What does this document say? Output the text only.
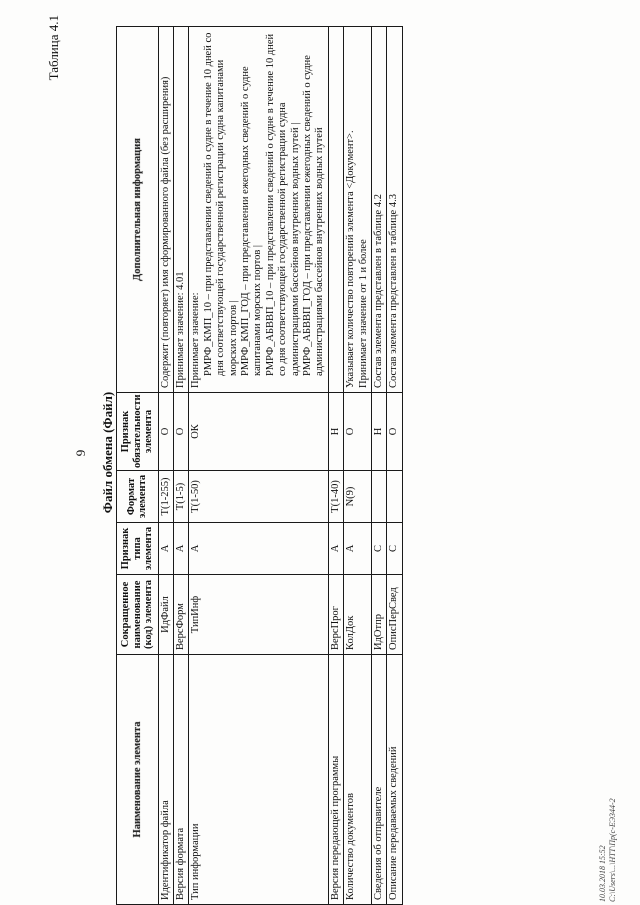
9
Таблица 4.1
Файл обмена (Файл)
Наименование элемента	Сокращенное наименование (код) элемента	Признак типа элемента	Формат элемента	Признак обязательности элемента	Дополнительная информация
Идентификатор файла	ИдФайл	А	T(1-255)	О	Содержит (повторяет) имя сформированного файла (без расширения)

Версия формата	ВерсФорм	А	T(1-5)	О	Принимает значение: 4.01

Тип информации	ТипИнф	А	T(1-50)	ОК	Принимает значение: РМРФ_КМП_10 – при представлении сведений о судне в течение 10 дней со дня соответствующей государственной регистрации судна капитанами морских портов | РМРФ_КМП_ГОД – при представлении ежегодных сведений о судне капитанами морских портов | РМРФ_АБВВП_10 – при представлении сведений о судне в течение 10 дней со дня соответствующей государственной регистрации судна администрациями бассейнов внутренних водных путей | РМРФ_АБВВП_ГОД – при представлении ежегодных сведений о судне администрациями бассейнов внутренних водных путей

Версия передающей программы	ВерсПрог	А	T(1-40)	Н	
Количество документов	КолДок	А	N(9)	О	Указывает количество повторений элемента <Документ>. Принимает значение от 1 и более

Сведения об отправителе	ИдОтпр	С		Н	Состав элемента представлен в таблице 4.2

Описание передаваемых сведений	ОписПерСвед	С		О	Состав элемента представлен в таблице 4.3

10.03.2018 15:52 C:\Users\...\HTT\Пр(с-ЕЭ344-2
